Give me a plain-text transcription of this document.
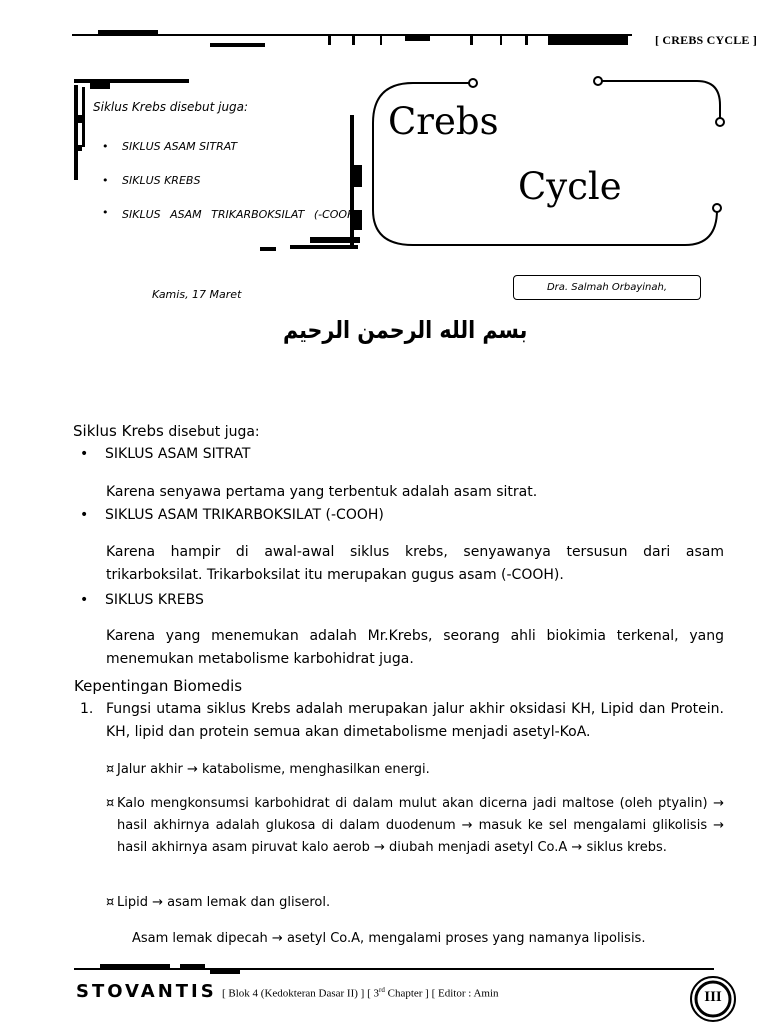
[ CREBS CYCLE ]
Siklus Krebs disebut juga:
• SIKLUS ASAM SITRAT
• SIKLUS KREBS
• SIKLUS ASAM TRIKARBOKSILAT (-COOH)
Crebs
Cycle
Kamis, 17 Maret
Dra. Salmah Orbayinah,
بسم الله الرحمن الرحيم
Siklus Krebs disebut juga:
• SIKLUS ASAM SITRAT
Karena senyawa pertama yang terbentuk adalah asam sitrat.
• SIKLUS ASAM TRIKARBOKSILAT (-COOH)
Karena hampir di awal-awal siklus krebs, senyawanya tersusun dari asam trikarboksilat. Trikarboksilat itu merupakan gugus asam (-COOH).
• SIKLUS KREBS
Karena yang menemukan adalah Mr.Krebs, seorang ahli biokimia terkenal, yang menemukan metabolisme karbohidrat juga.
Kepentingan Biomedis
1. Fungsi utama siklus Krebs adalah merupakan jalur akhir oksidasi KH, Lipid dan Protein. KH, lipid dan protein semua akan dimetabolisme menjadi asetyl-KoA.
¤ Jalur akhir → katabolisme, menghasilkan energi.
¤ Kalo mengkonsumsi karbohidrat di dalam mulut akan dicerna jadi maltose (oleh ptyalin) → hasil akhirnya adalah glukosa di dalam duodenum → masuk ke sel mengalami glikolisis → hasil akhirnya asam piruvat kalo aerob → diubah menjadi asetyl Co.A → siklus krebs.
¤ Lipid → asam lemak dan gliserol.
Asam lemak dipecah → asetyl Co.A, mengalami proses yang namanya lipolisis.
STOVANTIS [ Blok 4 (Kedokteran Dasar II) ] [ 3rd Chapter ] [ Editor : Amin	III
